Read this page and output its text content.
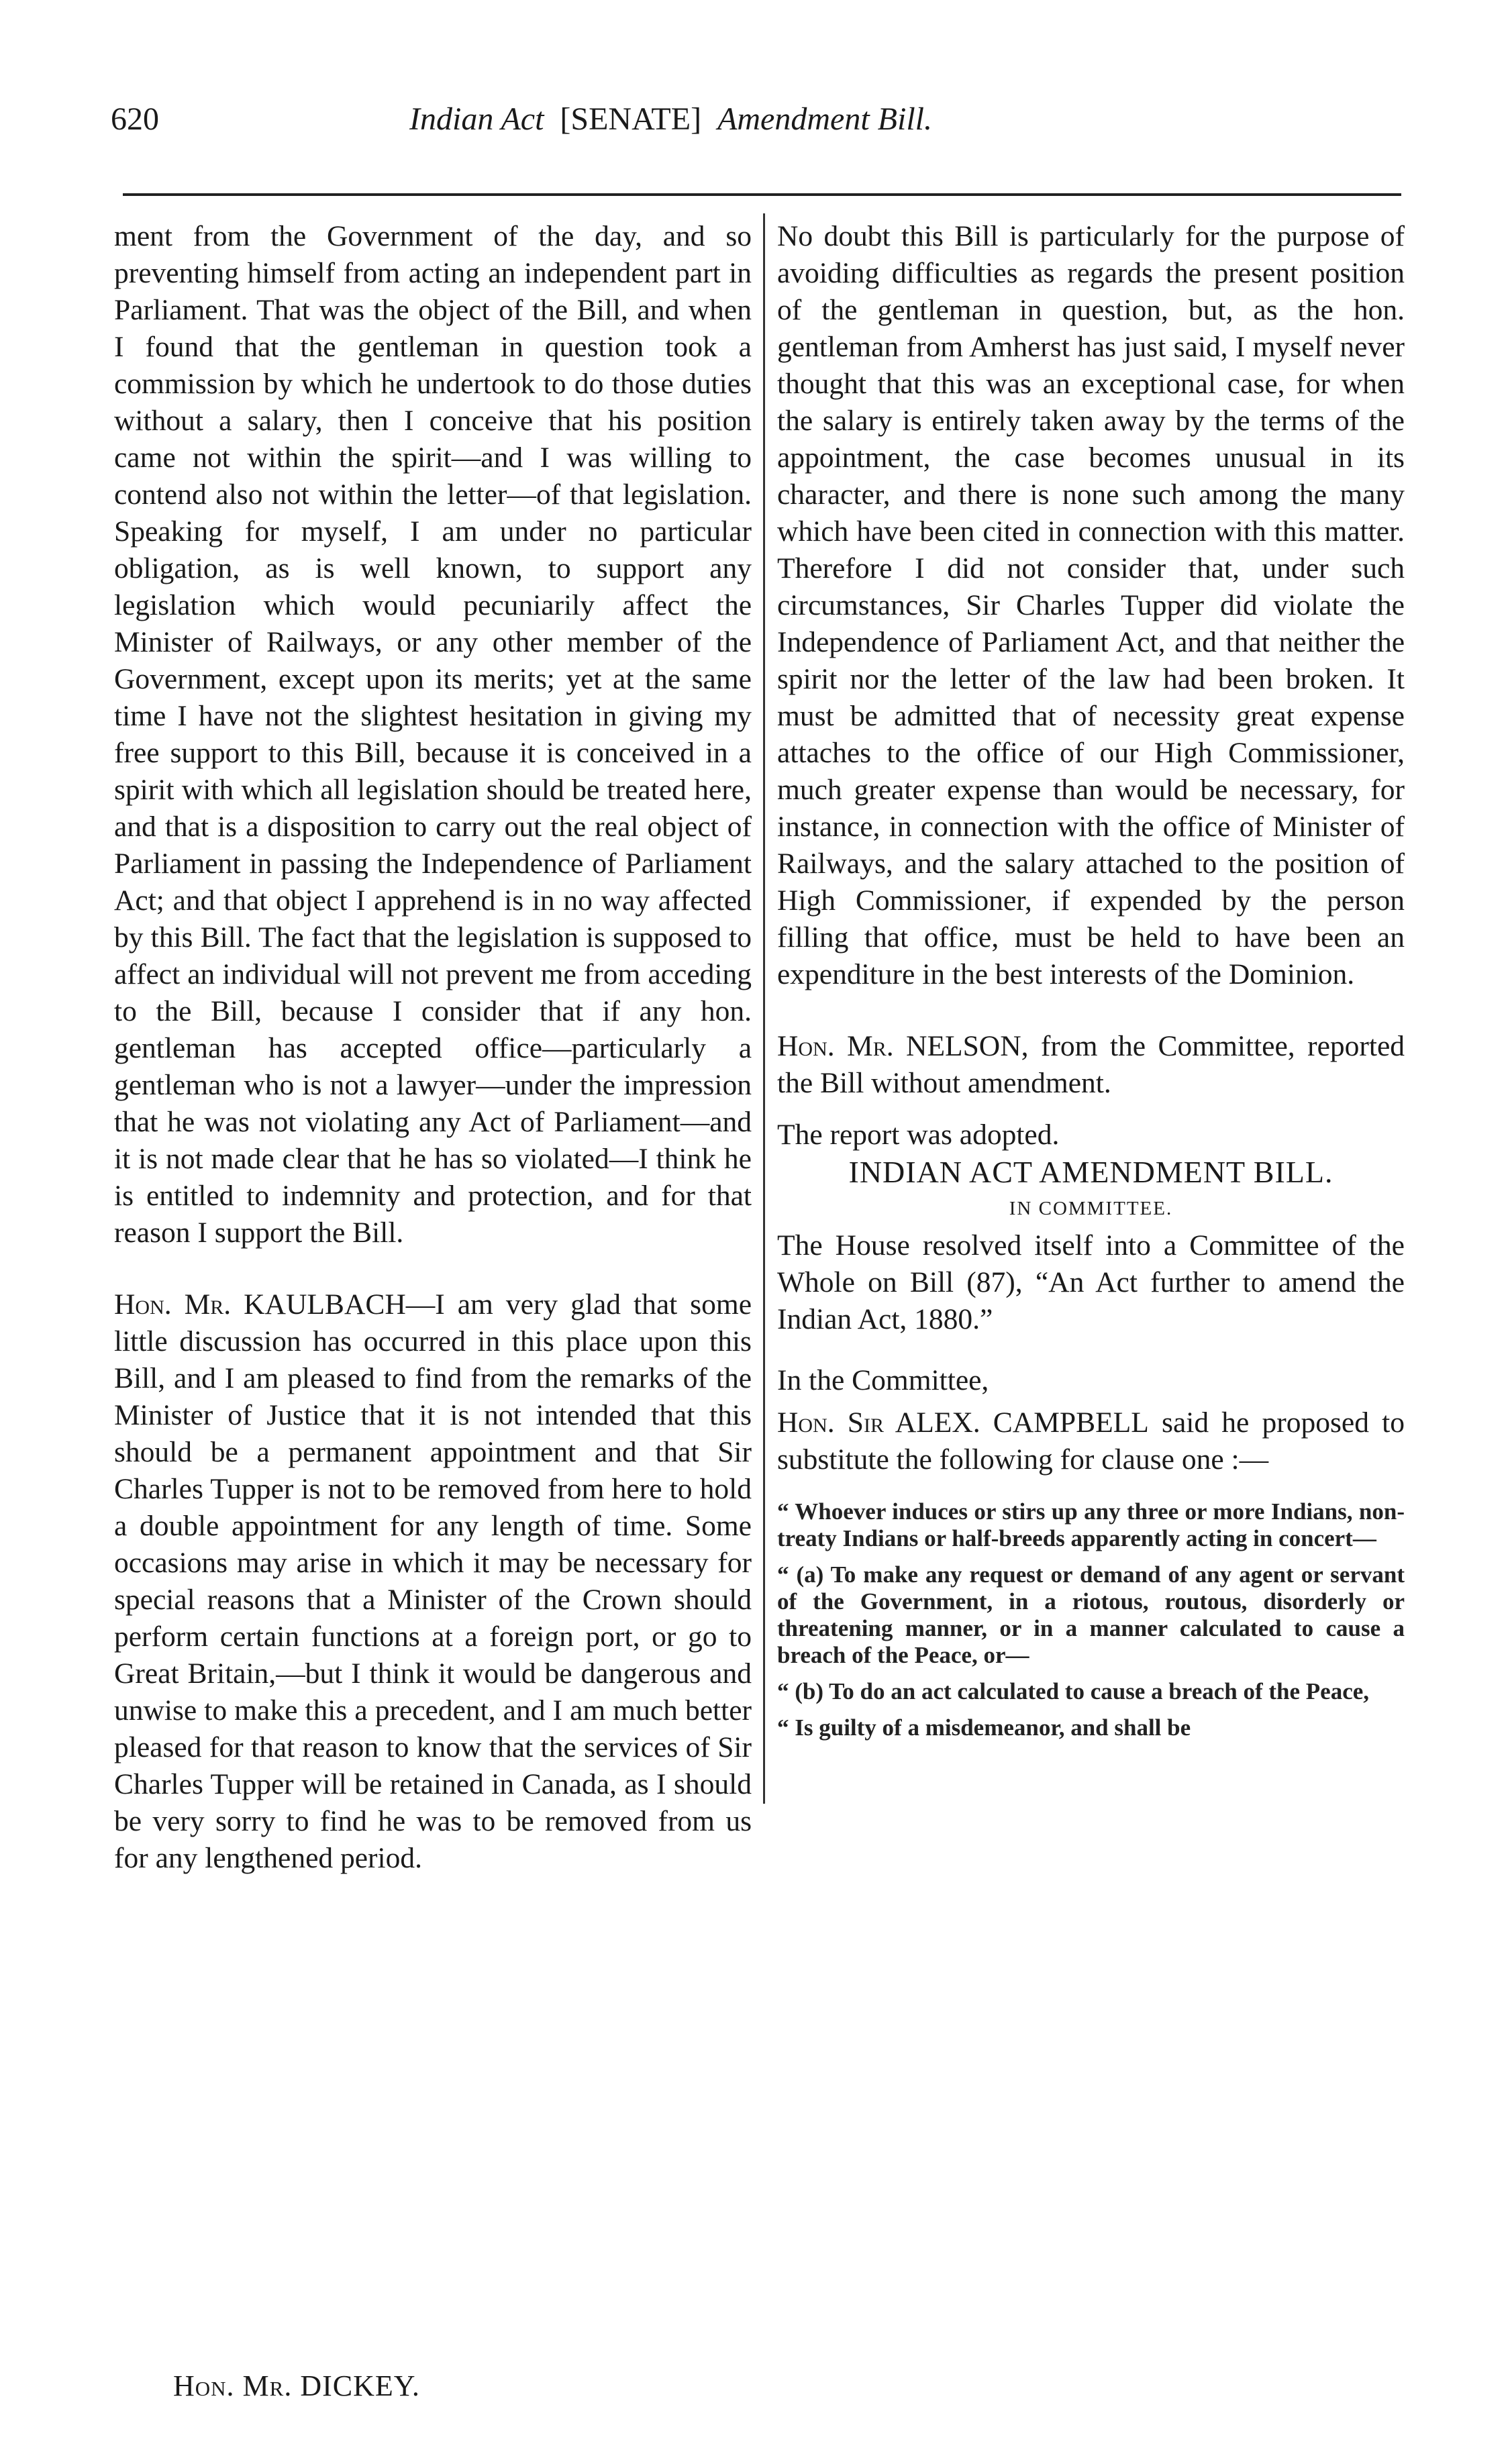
620	Indian Act [SENATE] Amendment Bill.

ment from the Government of the day, and so preventing himself from acting an independent part in Parliament. That was the object of the Bill, and when I found that the gentleman in question took a commission by which he undertook to do those duties without a salary, then I conceive that his position came not within the spirit—and I was willing to contend also not within the letter—of that legislation. Speaking for myself, I am under no particular obligation, as is well known, to support any legislation which would pecuniarily affect the Minister of Railways, or any other member of the Government, except upon its merits; yet at the same time I have not the slightest hesitation in giving my free support to this Bill, because it is conceived in a spirit with which all legislation should be treated here, and that is a disposition to carry out the real object of Parliament in passing the Independence of Parliament Act; and that object I apprehend is in no way affected by this Bill. The fact that the legislation is supposed to affect an individual will not prevent me from acceding to the Bill, because I consider that if any hon. gentleman has accepted office—particularly a gentleman who is not a lawyer—under the impression that he was not violating any Act of Parliament—and it is not made clear that he has so violated—I think he is entitled to indemnity and protection, and for that reason I support the Bill.

Hon. Mr. KAULBACH—I am very glad that some little discussion has occurred in this place upon this Bill, and I am pleased to find from the remarks of the Minister of Justice that it is not intended that this should be a permanent appointment and that Sir Charles Tupper is not to be removed from here to hold a double appointment for any length of time. Some occasions may arise in which it may be necessary for special reasons that a Minister of the Crown should perform certain functions at a foreign port, or go to Great Britain,—but I think it would be dangerous and unwise to make this a precedent, and I am much better pleased for that reason to know that the services of Sir Charles Tupper will be retained in Canada, as I should be very sorry to find he was to be removed from us for any lengthened period.

No doubt this Bill is particularly for the purpose of avoiding difficulties as regards the present position of the gentleman in question, but, as the hon. gentleman from Amherst has just said, I myself never thought that this was an exceptional case, for when the salary is entirely taken away by the terms of the appointment, the case becomes unusual in its character, and there is none such among the many which have been cited in connection with this matter. Therefore I did not consider that, under such circumstances, Sir Charles Tupper did violate the Independence of Parliament Act, and that neither the spirit nor the letter of the law had been broken. It must be admitted that of necessity great expense attaches to the office of our High Commissioner, much greater expense than would be necessary, for instance, in connection with the office of Minister of Railways, and the salary attached to the position of High Commissioner, if expended by the person filling that office, must be held to have been an expenditure in the best interests of the Dominion.

Hon. Mr. NELSON, from the Committee, reported the Bill without amendment.

The report was adopted.

INDIAN ACT AMENDMENT BILL.

IN COMMITTEE.

The House resolved itself into a Committee of the Whole on Bill (87), “An Act further to amend the Indian Act, 1880.”

In the Committee,

Hon. Sir ALEX. CAMPBELL said he proposed to substitute the following for clause one :—

“ Whoever induces or stirs up any three or more Indians, non-treaty Indians or half-breeds apparently acting in concert—

“ (a) To make any request or demand of any agent or servant of the Government, in a riotous, routous, disorderly or threatening manner, or in a manner calculated to cause a breach of the Peace, or—

“ (b) To do an act calculated to cause a breach of the Peace,

“ Is guilty of a misdemeanor, and shall be

Hon. Mr. DICKEY.
